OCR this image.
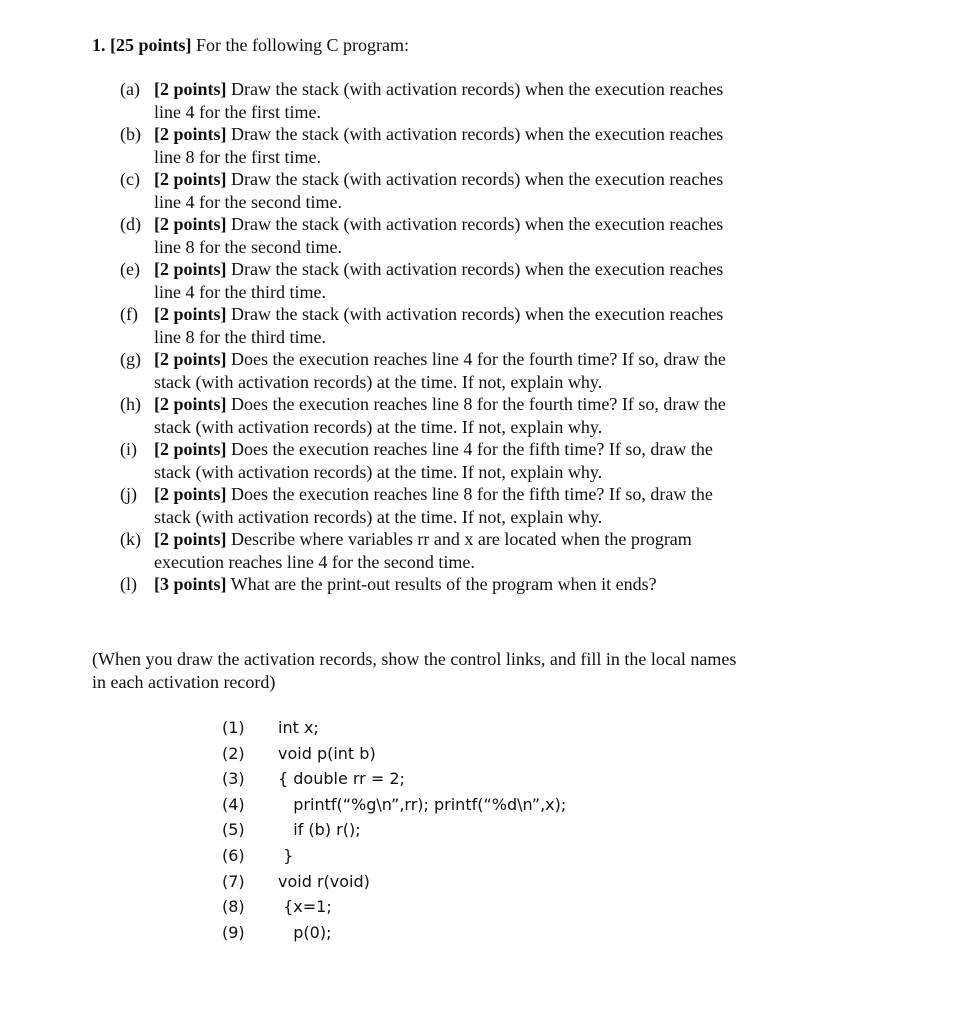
1. [25 points] For the following C program:
(a) [2 points] Draw the stack (with activation records) when the execution reaches
line 4 for the first time.
(b) [2 points] Draw the stack (with activation records) when the execution reaches
line 8 for the first time.
(c) [2 points] Draw the stack (with activation records) when the execution reaches
line 4 for the second time.
(d) [2 points] Draw the stack (with activation records) when the execution reaches
line 8 for the second time.
(e) [2 points] Draw the stack (with activation records) when the execution reaches
line 4 for the third time.
(f) [2 points] Draw the stack (with activation records) when the execution reaches
line 8 for the third time.
(g) [2 points] Does the execution reaches line 4 for the fourth time? If so, draw the
stack (with activation records) at the time. If not, explain why.
(h) [2 points] Does the execution reaches line 8 for the fourth time? If so, draw the
stack (with activation records) at the time. If not, explain why.
(i) [2 points] Does the execution reaches line 4 for the fifth time? If so, draw the
stack (with activation records) at the time. If not, explain why.
(j) [2 points] Does the execution reaches line 8 for the fifth time? If so, draw the
stack (with activation records) at the time. If not, explain why.
(k) [2 points] Describe where variables rr and x are located when the program
execution reaches line 4 for the second time.
(l) [3 points] What are the print-out results of the program when it ends?
(When you draw the activation records, show the control links, and fill in the local names
in each activation record)

(1)

int x;

(2)

void p(int b)

(3)

{ double rr = 2;

(4)

printf(“%g\n”,rr); printf(“%d\n”,x);

(5)

if (b) r();

(6)

}

(7)

void r(void)

(8)

{x=1;

(9)

p(0);
